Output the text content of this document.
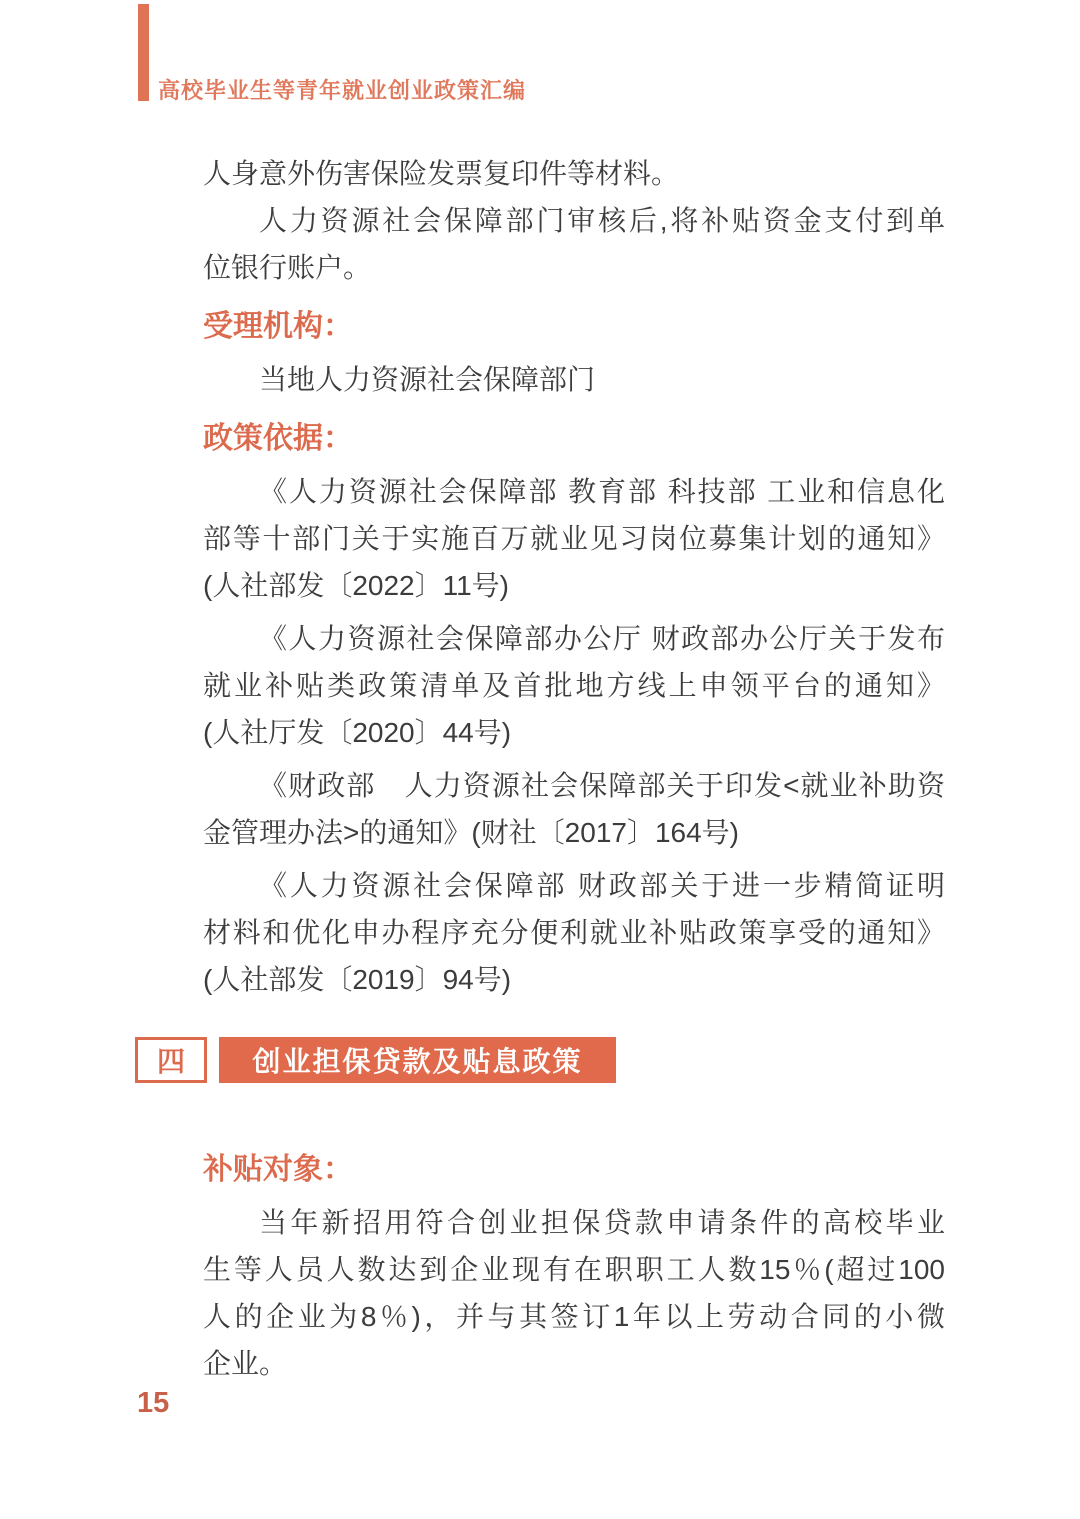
高校毕业生等青年就业创业政策汇编
人身意外伤害保险发票复印件等材料。
人力资源社会保障部门审核后,将补贴资金支付到单
位银行账户。
受理机构：
当地人力资源社会保障部门
政策依据：
《人力资源社会保障部 教育部 科技部 工业和信息化
部等十部门关于实施百万就业见习岗位募集计划的通知》
(人社部发〔2022〕11号)
《人力资源社会保障部办公厅 财政部办公厅关于发布
就业补贴类政策清单及首批地方线上申领平台的通知》
(人社厅发〔2020〕44号)
《财政部　人力资源社会保障部关于印发<就业补助资
金管理办法>的通知》(财社〔2017〕164号)
《人力资源社会保障部 财政部关于进一步精简证明
材料和优化申办程序充分便利就业补贴政策享受的通知》
(人社部发〔2019〕94号)
四	创业担保贷款及贴息政策
补贴对象：
当年新招用符合创业担保贷款申请条件的高校毕业
生等人员人数达到企业现有在职职工人数15％(超过100
人的企业为8％)，并与其签订1年以上劳动合同的小微
企业。
15
